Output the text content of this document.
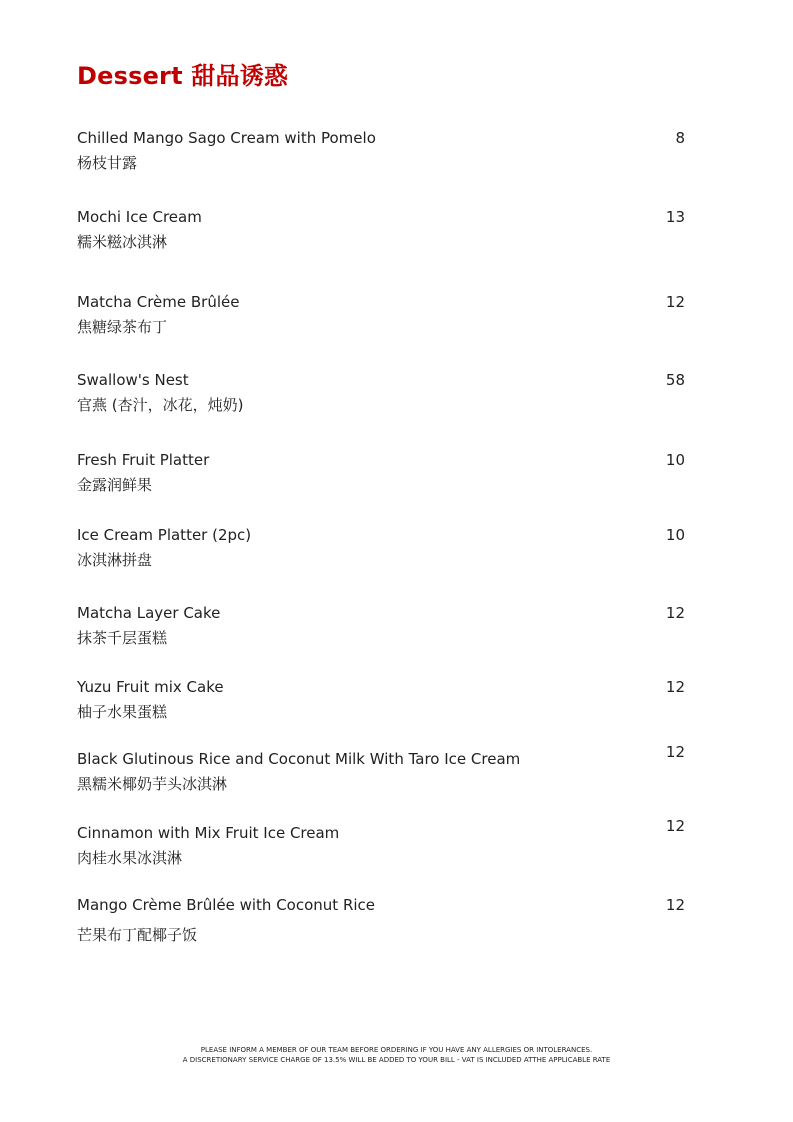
Dessert 甜品诱惑
Chilled Mango Sago Cream with Pomelo
杨枝甘露
8
Mochi Ice Cream
糯米糍冰淇淋
13
Matcha Crème Brûlée
焦糖绿茶布丁
12
Swallow's Nest
官燕 (杏汁，冰花，炖奶)
58
Fresh Fruit Platter
金露润鲜果
10
Ice Cream Platter (2pc)
冰淇淋拼盘
10
Matcha Layer Cake
抹茶千层蛋糕
12
Yuzu Fruit mix Cake
柚子水果蛋糕
12
Black Glutinous Rice and Coconut Milk With Taro Ice Cream
黑糯米椰奶芋头冰淇淋
12
Cinnamon with Mix Fruit Ice Cream
肉桂水果冰淇淋
12
Mango Crème Brûlée with Coconut Rice
芒果布丁配椰子饭
12
PLEASE INFORM A MEMBER OF OUR TEAM BEFORE ORDERING IF YOU HAVE ANY ALLERGIES OR INTOLERANCES.
A DISCRETIONARY SERVICE CHARGE OF 13.5% WILL BE ADDED TO YOUR BILL - VAT IS INCLUDED ATTHE APPLICABLE RATE
